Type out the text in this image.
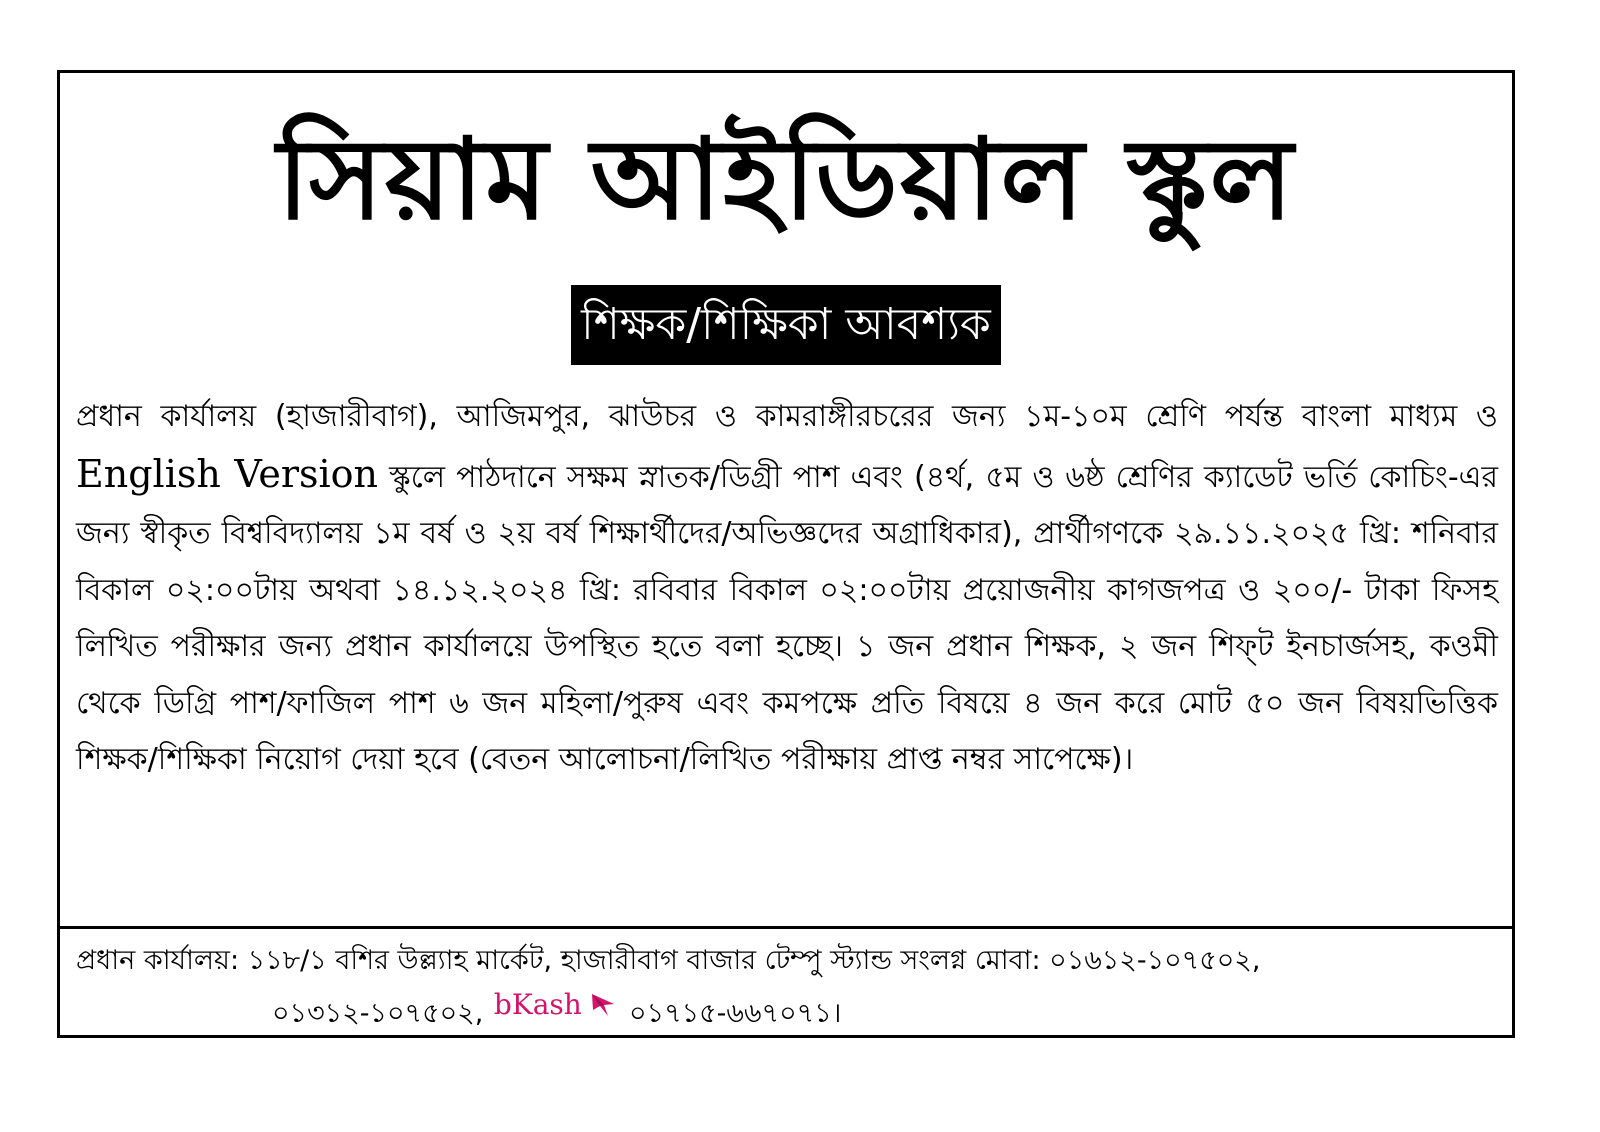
সিয়াম আইডিয়াল স্কুল
শিক্ষক/শিক্ষিকা আবশ্যক
প্রধান কার্যালয় (হাজারীবাগ), আজিমপুর, ঝাউচর ও কামরাঙ্গীরচরের জন্য ১ম-১০ম শ্রেণি পর্যন্ত বাংলা মাধ্যম ও English Version স্কুলে পাঠদানে সক্ষম স্নাতক/ডিগ্রী পাশ এবং (৪র্থ, ৫ম ও ৬ষ্ঠ শ্রেণির ক্যাডেট ভর্তি কোচিং-এর জন্য স্বীকৃত বিশ্ববিদ্যালয় ১ম বর্ষ ও ২য় বর্ষ শিক্ষার্থীদের/অভিজ্ঞদের অগ্রাধিকার), প্রার্থীগণকে ২৯.১১.২০২৫ খ্রি: শনিবার বিকাল ০২:০০টায় অথবা ১৪.১২.২০২৪ খ্রি: রবিবার বিকাল ০২:০০টায় প্রয়োজনীয় কাগজপত্র ও ২০০/- টাকা ফিসহ লিখিত পরীক্ষার জন্য প্রধান কার্যালয়ে উপস্থিত হতে বলা হচ্ছে। ১ জন প্রধান শিক্ষক, ২ জন শিফ্‌ট ইনচার্জসহ, কওমী থেকে ডিগ্রি পাশ/ফাজিল পাশ ৬ জন মহিলা/পুরুষ এবং কমপক্ষে প্রতি বিষয়ে ৪ জন করে মোট ৫০ জন বিষয়ভিত্তিক শিক্ষক/শিক্ষিকা নিয়োগ দেয়া হবে (বেতন আলোচনা/লিখিত পরীক্ষায় প্রাপ্ত নম্বর সাপেক্ষে)।
প্রধান কার্যালয়: ১১৮/১ বশির উল্ল্যাহ মার্কেট, হাজারীবাগ বাজার টেম্পু স্ট্যান্ড সংলগ্ন মোবা: ০১৬১২-১০৭৫০২,
০১৩১২-১০৭৫০২, bKash ০১৭১৫-৬৬৭০৭১।
